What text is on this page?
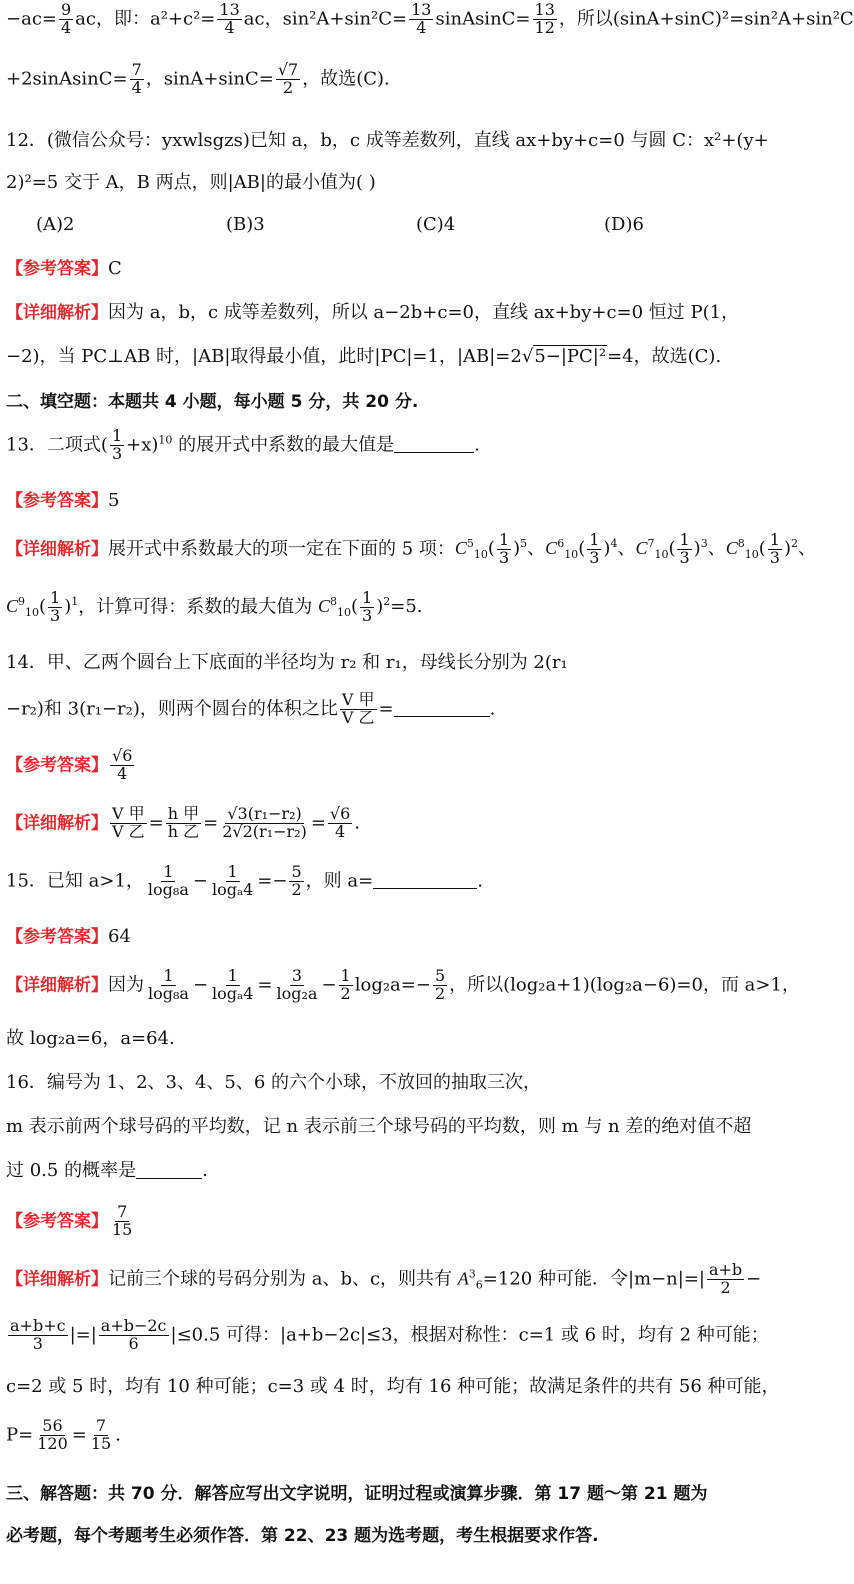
$-ac= \frac{9}{4}$ ac，即：$a^2+c^2= \frac{13}{4}$ ac，$\sin^2A+\sin^2C= \frac{13}{4}$ sinAsinC= $\frac{13}{12}$ ，所以(sinA+sinC)²=sin²A+sin²C
+2sinAsinC= $\frac{7}{4}$ ，$\sin A+\sin C= \frac{√7}{2}$ ，故选(C).
12．(微信公众号：yxwlsgzs)已知 a，b，c 成等差数列，直线 ax+by+c=0 与圆 C：x²+(y+
2)²=5 交于 A，B 两点，则|AB|的最小值为( )
(A)2	(B)3	(C)4	(D)6
【参考答案】C
【详细解析】因为 a，b，c 成等差数列，所以 a−2b+c=0，直线 ax+by+c=0 恒过 P(1，
−2)，当 PC⊥AB 时，|AB|取得最小值，此时|PC|=1，|AB|=2√5−|PC|²=4，故选(C).
二、填空题：本题共 4 小题，每小题 5 分，共 20 分.
13．二项式( $\frac{1}{3} +x)^{10}$ 的展开式中系数的最大值是	.
【参考答案】5
【详细解析】展开式中系数最大的项一定在下面的 5 项：$C^5_{10}( \frac{1}{3} )^5$、$C^6_{10}( \frac{1}{3} )^4$、$C^7_{10}( \frac{1}{3} )^3$、$C^8_{10}( \frac{1}{3} )^2$、
$C^9_{10}( \frac{1}{3} )^1$，计算可得：系数的最大值为 $C^8_{10}( \frac{1}{3} )^2=5$.
14．甲、乙两个圆台上下底面的半径均为 r₂ 和 r₁，母线长分别为 2(r₁
−r₂)和 3(r₁−r₂)，则两个圆台的体积之比 $\frac{\text{V 甲}}{\text{V 乙}}$ =	.
【参考答案】 $\frac{√6}{4}$
【详细解析】 $\frac{\text{V 甲}}{\text{V 乙}} = \frac{\text{h 甲}}{\text{h 乙}} = \frac{\text{√3(r₁−r₂)}}{\text{2√2(r₁−r₂)}} = \frac{√6}{4}$ .
15．已知 a>1， $\frac{1}{\text{log₈a}} - \frac{1}{\text{logₐ4}} =- \frac{5}{2}$ ，则 a=	.
【参考答案】64
【详细解析】因为 $\frac{1}{\text{log₈a}} - \frac{1}{\text{logₐ4}} = \frac{3}{\text{log₂a}} - \frac{1}{2} \log_2a=- \frac{5}{2}$ ，所以(log₂a+1)(log₂a−6)=0，而 a>1，
故 log₂a=6，a=64.
16．编号为 1、2、3、4、5、6 的六个小球，不放回的抽取三次，
m 表示前两个球号码的平均数，记 n 表示前三个球号码的平均数，则 m 与 n 差的绝对值不超
过 0.5 的概率是	.
【参考答案】 $\frac{7}{15}$
【详细解析】记前三个球的号码分别为 a、b、c，则共有 $A^3_6=120$ 种可能．令$|m-n|=| \frac{a+b}{2}$ −
$\frac{a+b+c}{3}$ |=| $\frac{a+b-2c}{6} |\le 0.5$ 可得：|a+b−2c|≤3，根据对称性：c=1 或 6 时，均有 2 种可能；
c=2 或 5 时，均有 10 种可能；c=3 或 4 时，均有 16 种可能；故满足条件的共有 56 种可能，
$P= \frac{56}{120} = \frac{7}{15}$ .
三、解答题：共 70 分．解答应写出文字说明，证明过程或演算步骤．第 17 题～第 21 题为
必考题，每个考题考生必须作答．第 22、23 题为选考题，考生根据要求作答.
